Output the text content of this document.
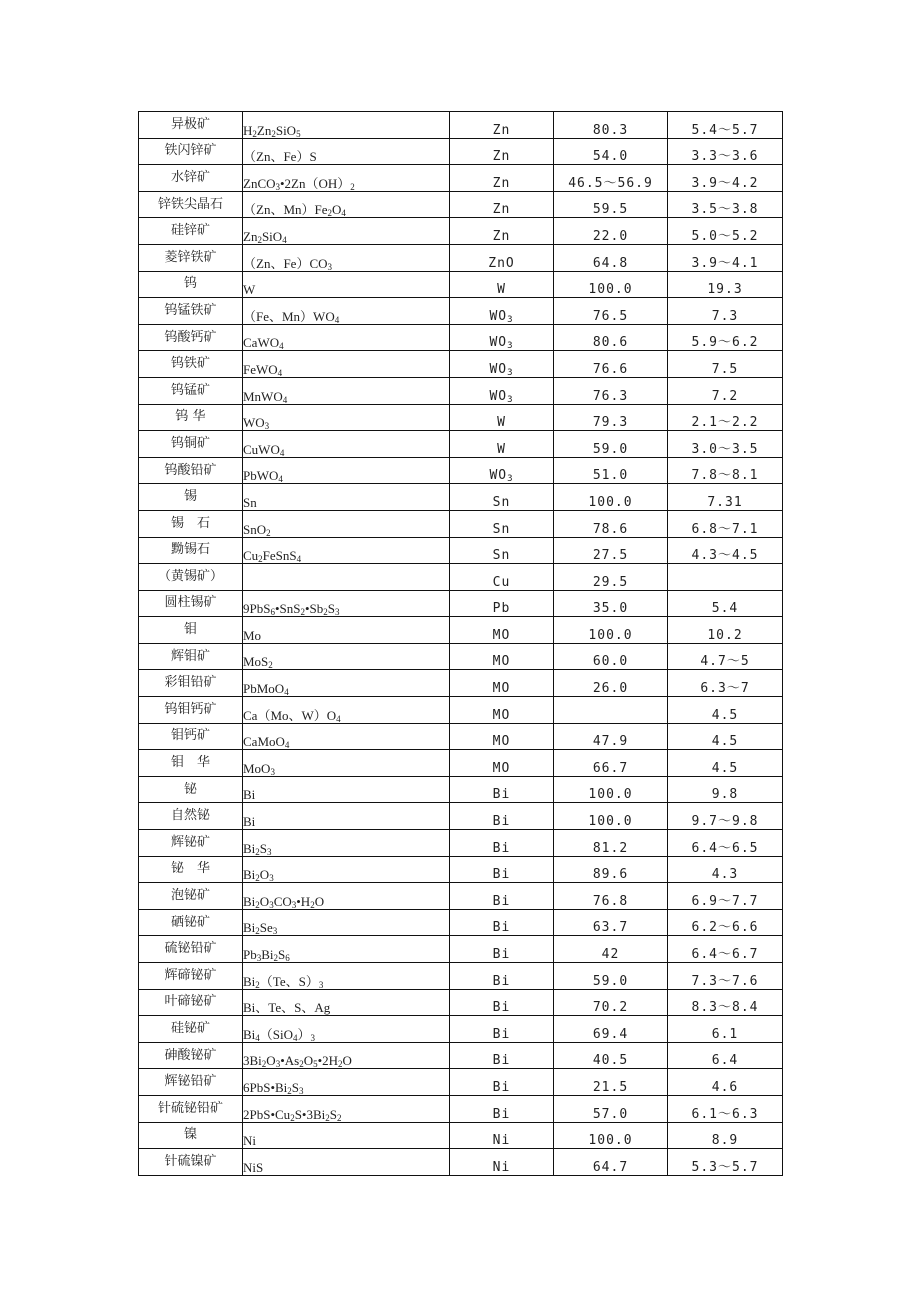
异极矿	$H_2Zn_2SiO_5$	Zn	80.3	5.4～5.7
铁闪锌矿	（Zn、Fe）S	Zn	54.0	3.3～3.6
水锌矿	$ZnCO_3•2Zn(OH)_2$	Zn	46.5～56.9	3.9～4.2
锌铁尖晶石	（Zn、$Mn)Fe_2O_4$	Zn	59.5	3.5～3.8
硅锌矿	$Zn_2SiO_4$	Zn	22.0	5.0～5.2
菱锌铁矿	（Zn、$Fe)CO_3$	ZnO	64.8	3.9～4.1
钨	W	W	100.0	19.3
钨锰铁矿	（Fe、$Mn)WO_4$	$WO_3$	76.5	7.3
钨酸钙矿	CaWO$_4$	$WO_3$	80.6	5.9～6.2
钨铁矿	FeWO$_4$	$WO_3$	76.6	7.5
钨锰矿	MnWO$_4$	$WO_3$	76.3	7.2
钨 华	$WO_3$	W	79.3	2.1～2.2
钨铜矿	CuWO$_4$	W	59.0	3.0～3.5
钨酸铅矿	PbWO$_4$	$WO_3$	51.0	7.8～8.1
锡	Sn	Sn	100.0	7.31
锡　石	SnO$_2$	Sn	78.6	6.8～7.1
黝锡石	$Cu_2FeSnS_4$	Sn	27.5	4.3～4.5
（黄锡矿）		Cu	29.5	
圆柱锡矿	$9PbS_6•SnS_2•Sb_2S_3$	Pb	35.0	5.4
钼	Mo	MO	100.0	10.2
辉钼矿	MoS$_2$	MO	60.0	4.7～5
彩钼铅矿	PbMoO$_4$	MO	26.0	6.3～7
钨钼钙矿	Ca（Mo、$W)O_4$	MO		4.5
钼钙矿	CaMoO$_4$	MO	47.9	4.5
钼　华	MoO$_3$	MO	66.7	4.5
铋	Bi	Bi	100.0	9.8
自然铋	Bi	Bi	100.0	9.7～9.8
辉铋矿	$Bi_2S_3$	Bi	81.2	6.4～6.5
铋　华	$Bi_2O_3$	Bi	89.6	4.3
泡铋矿	$Bi_2O_3CO_3•H_2O$	Bi	76.8	6.9～7.7
硒铋矿	$Bi_2Se_3$	Bi	63.7	6.2～6.6
硫铋铅矿	$Pb_3Bi_2S_6$	Bi	42	6.4～6.7
辉碲铋矿	$Bi_2(Te$、$S)_3$	Bi	59.0	7.3～7.6
叶碲铋矿	Bi、Te、S、Ag	Bi	70.2	8.3～8.4
硅铋矿	$Bi_4(SiO_4)_3$	Bi	69.4	6.1
砷酸铋矿	$3Bi_2O_3•As_2O_5•2H_2O$	Bi	40.5	6.4
辉铋铅矿	$6PbS•Bi_2S_3$	Bi	21.5	4.6
针硫铋铅矿	$2PbS•Cu_2S•3Bi_2S_2$	Bi	57.0	6.1～6.3
镍	Ni	Ni	100.0	8.9
针硫镍矿	NiS	Ni	64.7	5.3～5.7
